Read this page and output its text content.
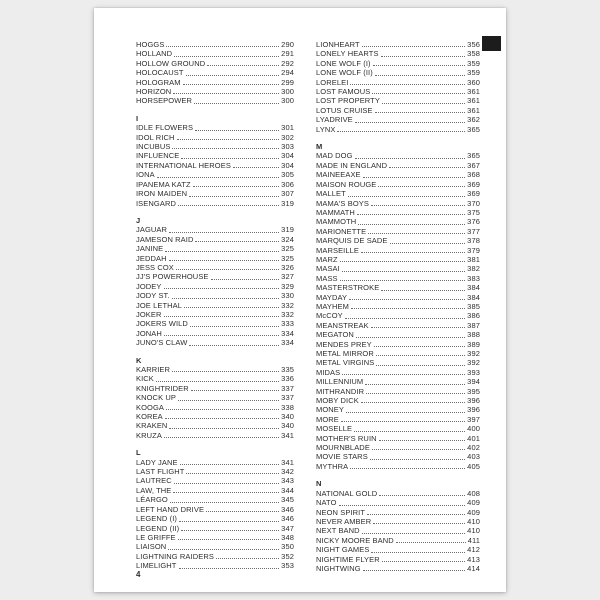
HOGGS	290
HOLLAND	291
HOLLOW GROUND	292
HOLOCAUST	294
HOLOGRAM	299
HORIZON	300
HORSEPOWER	300
I
IDLE FLOWERS	301
IDOL RICH	302
INCUBUS	303
INFLUENCE	304
INTERNATIONAL HEROES	304
IONA	305
IPANEMA KATZ	306
IRON MAIDEN	307
ISENGARD	319
J
JAGUAR	319
JAMESON RAID	324
JANINE	325
JEDDAH	325
JESS COX	326
JJ'S POWERHOUSE	327
JODEY	329
JODY ST.	330
JOE LETHAL	332
JOKER	332
JOKERS WILD	333
JONAH	334
JUNO'S CLAW	334
K
KARRIER	335
KICK	336
KNIGHTRIDER	337
KNOCK UP	337
KOOGA	338
KOREA	340
KRAKEN	340
KRUZA	341
L
LADY JANE	341
LAST FLIGHT	342
LAUTREC	343
LAW, THE	344
LÉARGO	345
LEFT HAND DRIVE	346
LEGEND (I)	346
LEGEND (II)	347
LE GRIFFE	348
LIAISON	350
LIGHTNING RAIDERS	352
LIMELIGHT	353
LIONHEART	356
LONELY HEARTS	358
LONE WOLF (I)	359
LONE WOLF (II)	359
LORELEI	360
LOST FAMOUS	361
LOST PROPERTY	361
LOTUS CRUISE	361
LYADRIVE	362
LYNX	365
M
MAD DOG	365
MADE IN ENGLAND	367
MAINEEAXE	368
MAISON ROUGE	369
MALLET	369
MAMA'S BOYS	370
MAMMATH	375
MAMMOTH	376
MARIONETTE	377
MARQUIS DE SADE	378
MARSEILLE	379
MARZ	381
MASAI	382
MASS	383
MASTERSTROKE	384
MAYDAY	384
MAYHEM	385
McCOY	386
MEANSTREAK	387
MEGATON	388
MENDES PREY	389
METAL MIRROR	392
METAL VIRGINS	392
MIDAS	393
MILLENNIUM	394
MITHRANDIR	395
MOBY DICK	396
MONEY	396
MORE	397
MOSELLE	400
MOTHER'S RUIN	401
MOURNBLADE	402
MOVIE STARS	403
MYTHRA	405
N
NATIONAL GOLD	408
NATO	409
NEON SPIRIT	409
NEVER AMBER	410
NEXT BAND	410
NICKY MOORE BAND	411
NIGHT GAMES	412
NIGHTIME FLYER	413
NIGHTWING	414
4
